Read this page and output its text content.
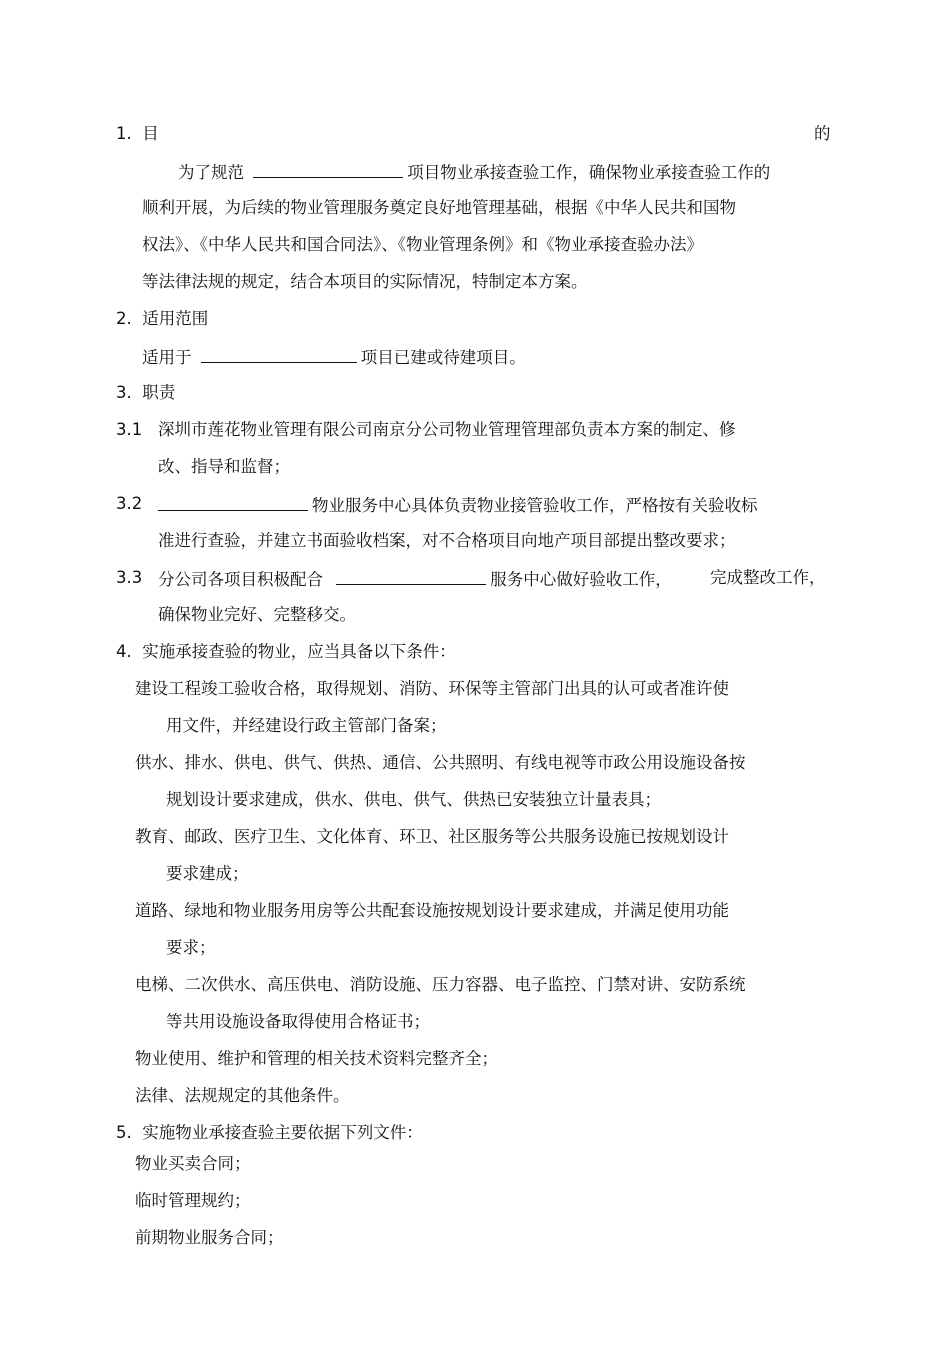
1. 目	的
为了规范	项目物业承接查验工作，确保物业承接查验工作的
顺利开展，为后续的物业管理服务奠定良好地管理基础，根据《中华人民共和国物
权法》、《中华人民共和国合同法》、《物业管理条例》和《物业承接查验办法》
等法律法规的规定，结合本项目的实际情况，特制定本方案。
2. 适用范围
适用于	项目已建或待建项目。
3. 职责
3.1 深圳市莲花物业管理有限公司南京分公司物业管理管理部负责本方案的制定、修
改、指导和监督；
3.2	物业服务中心具体负责物业接管验收工作，严格按有关验收标
准进行查验，并建立书面验收档案，对不合格项目向地产项目部提出整改要求；
3.3 分公司各项目积极配合	服务中心做好验收工作， 完成整改工作，
确保物业完好、完整移交。
4. 实施承接查验的物业，应当具备以下条件：
建设工程竣工验收合格，取得规划、消防、环保等主管部门出具的认可或者准许使
用文件，并经建设行政主管部门备案；
供水、排水、供电、供气、供热、通信、公共照明、有线电视等市政公用设施设备按
规划设计要求建成，供水、供电、供气、供热已安装独立计量表具；
教育、邮政、医疗卫生、文化体育、环卫、社区服务等公共服务设施已按规划设计
要求建成；
道路、绿地和物业服务用房等公共配套设施按规划设计要求建成，并满足使用功能
要求；
电梯、二次供水、高压供电、消防设施、压力容器、电子监控、门禁对讲、安防系统
等共用设施设备取得使用合格证书；
物业使用、维护和管理的相关技术资料完整齐全；
法律、法规规定的其他条件。
5. 实施物业承接查验主要依据下列文件：
物业买卖合同；
临时管理规约；
前期物业服务合同；
